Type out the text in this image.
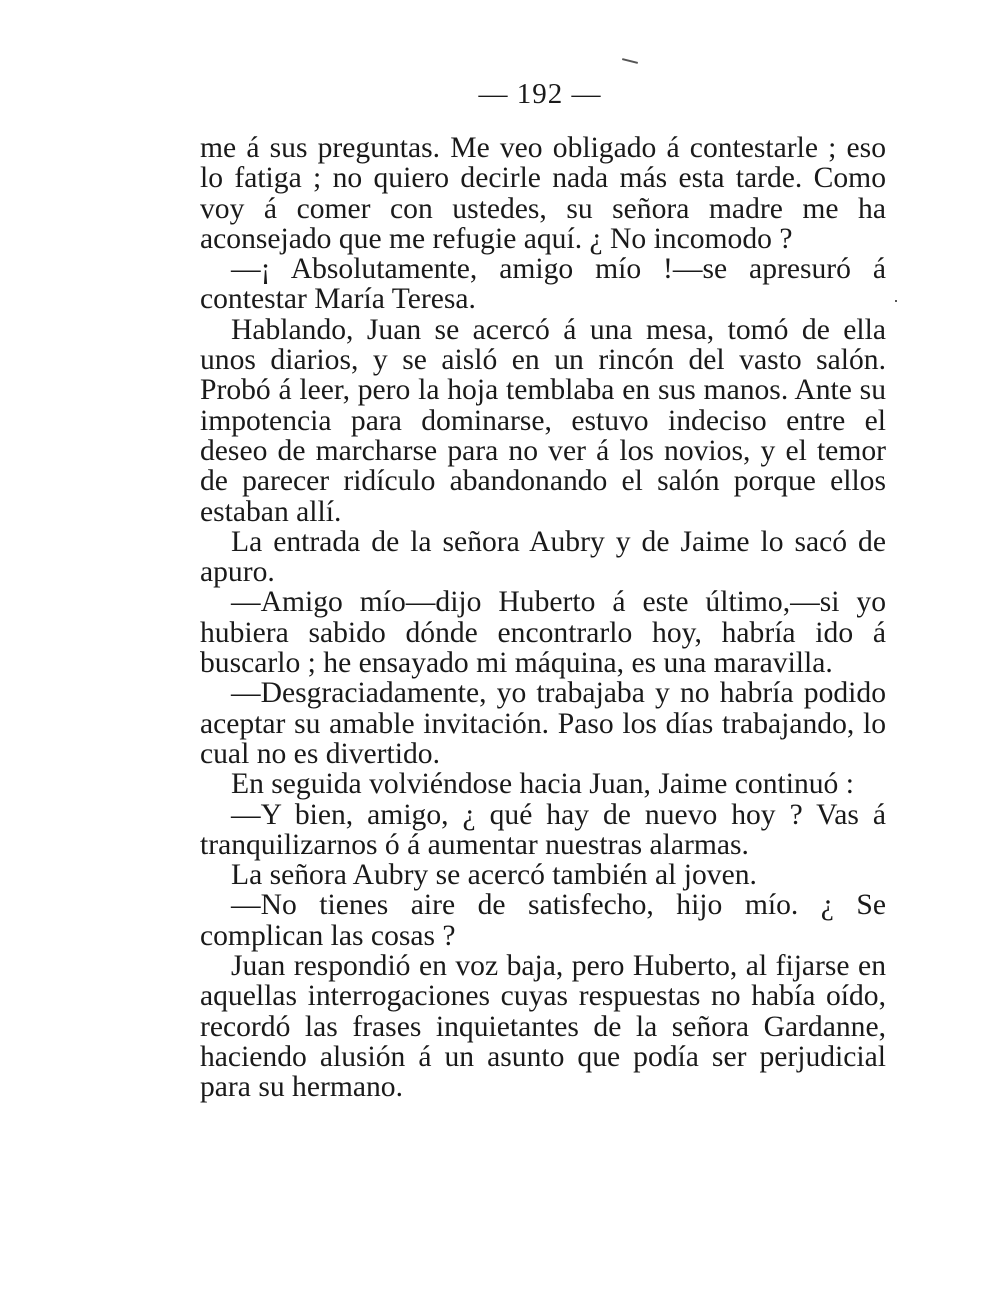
— 192 —

me á sus preguntas. Me veo obligado á contestarle ; eso lo fatiga ; no quiero decirle nada más esta tarde. Como voy á comer con ustedes, su señora madre me ha aconsejado que me refugie aquí. ¿ No incomodo ?

—¡ Absolutamente, amigo mío !—se apresuró á contestar María Teresa.

Hablando, Juan se acercó á una mesa, tomó de ella unos diarios, y se aisló en un rincón del vasto salón. Probó á leer, pero la hoja temblaba en sus manos. Ante su impotencia para dominarse, estuvo indeciso entre el deseo de marcharse para no ver á los novios, y el temor de parecer ridículo abandonando el salón porque ellos estaban allí.

La entrada de la señora Aubry y de Jaime lo sacó de apuro.

—Amigo mío—dijo Huberto á este último,—si yo hubiera sabido dónde encontrarlo hoy, habría ido á buscarlo ; he ensayado mi máquina, es una maravilla.

—Desgraciadamente, yo trabajaba y no habría podido aceptar su amable invitación. Paso los días trabajando, lo cual no es divertido.

En seguida volviéndose hacia Juan, Jaime continuó :

—Y bien, amigo, ¿ qué hay de nuevo hoy ? Vas á tranquilizarnos ó á aumentar nuestras alarmas.

La señora Aubry se acercó también al joven.

—No tienes aire de satisfecho, hijo mío. ¿ Se complican las cosas ?

Juan respondió en voz baja, pero Huberto, al fijarse en aquellas interrogaciones cuyas respuestas no había oído, recordó las frases inquietantes de la señora Gardanne, haciendo alusión á un asunto que podía ser perjudicial para su hermano.
